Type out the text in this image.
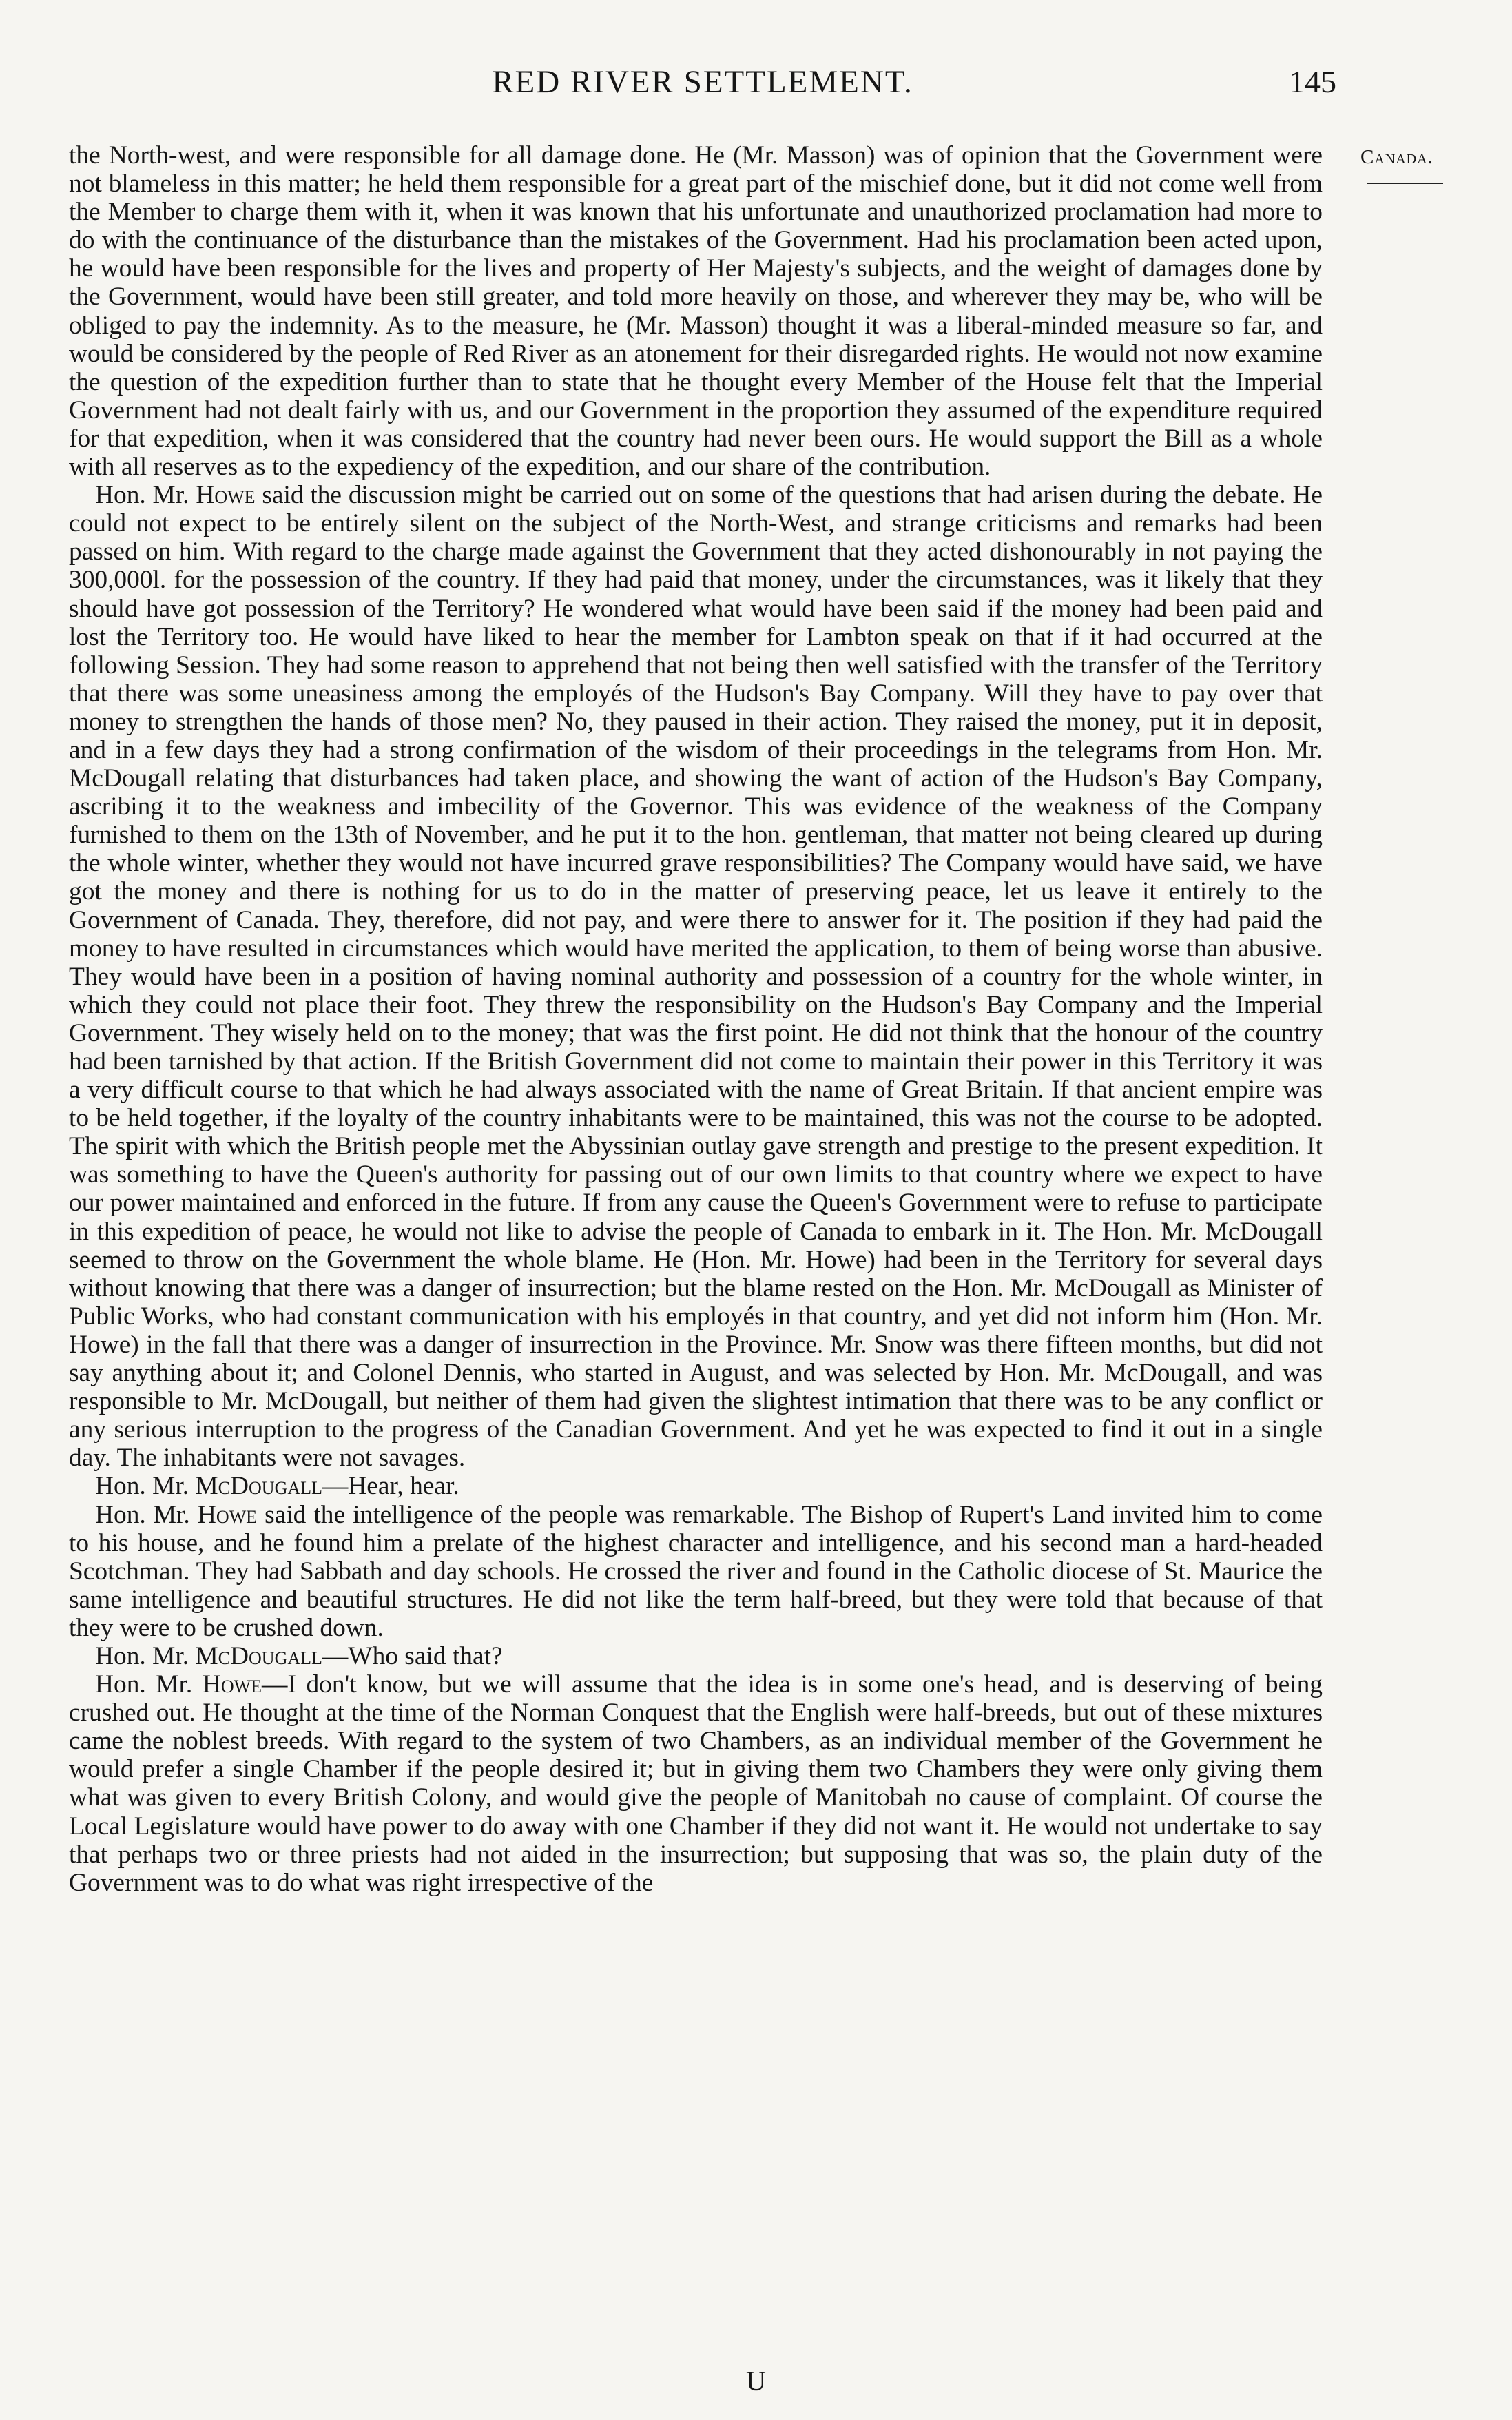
RED RIVER SETTLEMENT.	145
Canada.

the North-west, and were responsible for all damage done. He (Mr. Masson) was of opinion that the Government were not blameless in this matter; he held them responsible for a great part of the mischief done, but it did not come well from the Member to charge them with it, when it was known that his unfortunate and unauthorized proclamation had more to do with the continuance of the disturbance than the mistakes of the Government. Had his proclamation been acted upon, he would have been responsible for the lives and property of Her Majesty's subjects, and the weight of damages done by the Government, would have been still greater, and told more heavily on those, and wherever they may be, who will be obliged to pay the indemnity. As to the measure, he (Mr. Masson) thought it was a liberal-minded measure so far, and would be considered by the people of Red River as an atonement for their disregarded rights. He would not now examine the question of the expedition further than to state that he thought every Member of the House felt that the Imperial Government had not dealt fairly with us, and our Government in the proportion they assumed of the expenditure required for that expedition, when it was considered that the country had never been ours. He would support the Bill as a whole with all reserves as to the expediency of the expedition, and our share of the contribution.

Hon. Mr. Howe said the discussion might be carried out on some of the questions that had arisen during the debate. He could not expect to be entirely silent on the subject of the North-West, and strange criticisms and remarks had been passed on him. With regard to the charge made against the Government that they acted dishonourably in not paying the 300,000l. for the possession of the country. If they had paid that money, under the circumstances, was it likely that they should have got possession of the Territory? He wondered what would have been said if the money had been paid and lost the Territory too. He would have liked to hear the member for Lambton speak on that if it had occurred at the following Session. They had some reason to apprehend that not being then well satisfied with the transfer of the Territory that there was some uneasiness among the employés of the Hudson's Bay Company. Will they have to pay over that money to strengthen the hands of those men? No, they paused in their action. They raised the money, put it in deposit, and in a few days they had a strong confirmation of the wisdom of their proceedings in the telegrams from Hon. Mr. McDougall relating that disturbances had taken place, and showing the want of action of the Hudson's Bay Company, ascribing it to the weakness and imbecility of the Governor. This was evidence of the weakness of the Company furnished to them on the 13th of November, and he put it to the hon. gentleman, that matter not being cleared up during the whole winter, whether they would not have incurred grave responsibilities? The Company would have said, we have got the money and there is nothing for us to do in the matter of preserving peace, let us leave it entirely to the Government of Canada. They, therefore, did not pay, and were there to answer for it. The position if they had paid the money to have resulted in circumstances which would have merited the application, to them of being worse than abusive. They would have been in a position of having nominal authority and possession of a country for the whole winter, in which they could not place their foot. They threw the responsibility on the Hudson's Bay Company and the Imperial Government. They wisely held on to the money; that was the first point. He did not think that the honour of the country had been tarnished by that action. If the British Government did not come to maintain their power in this Territory it was a very difficult course to that which he had always associated with the name of Great Britain. If that ancient empire was to be held together, if the loyalty of the country inhabitants were to be maintained, this was not the course to be adopted. The spirit with which the British people met the Abyssinian outlay gave strength and prestige to the present expedition. It was something to have the Queen's authority for passing out of our own limits to that country where we expect to have our power maintained and enforced in the future. If from any cause the Queen's Government were to refuse to participate in this expedition of peace, he would not like to advise the people of Canada to embark in it. The Hon. Mr. McDougall seemed to throw on the Government the whole blame. He (Hon. Mr. Howe) had been in the Territory for several days without knowing that there was a danger of insurrection; but the blame rested on the Hon. Mr. McDougall as Minister of Public Works, who had constant communication with his employés in that country, and yet did not inform him (Hon. Mr. Howe) in the fall that there was a danger of insurrection in the Province. Mr. Snow was there fifteen months, but did not say anything about it; and Colonel Dennis, who started in August, and was selected by Hon. Mr. McDougall, and was responsible to Mr. McDougall, but neither of them had given the slightest intimation that there was to be any conflict or any serious interruption to the progress of the Canadian Government. And yet he was expected to find it out in a single day. The inhabitants were not savages.

Hon. Mr. McDougall—Hear, hear.

Hon. Mr. Howe said the intelligence of the people was remarkable. The Bishop of Rupert's Land invited him to come to his house, and he found him a prelate of the highest character and intelligence, and his second man a hard-headed Scotchman. They had Sabbath and day schools. He crossed the river and found in the Catholic diocese of St. Maurice the same intelligence and beautiful structures. He did not like the term half-breed, but they were told that because of that they were to be crushed down.

Hon. Mr. McDougall—Who said that?

Hon. Mr. Howe—I don't know, but we will assume that the idea is in some one's head, and is deserving of being crushed out. He thought at the time of the Norman Conquest that the English were half-breeds, but out of these mixtures came the noblest breeds. With regard to the system of two Chambers, as an individual member of the Government he would prefer a single Chamber if the people desired it; but in giving them two Chambers they were only giving them what was given to every British Colony, and would give the people of Manitobah no cause of complaint. Of course the Local Legislature would have power to do away with one Chamber if they did not want it. He would not undertake to say that perhaps two or three priests had not aided in the insurrection; but supposing that was so, the plain duty of the Government was to do what was right irrespective of the

U
